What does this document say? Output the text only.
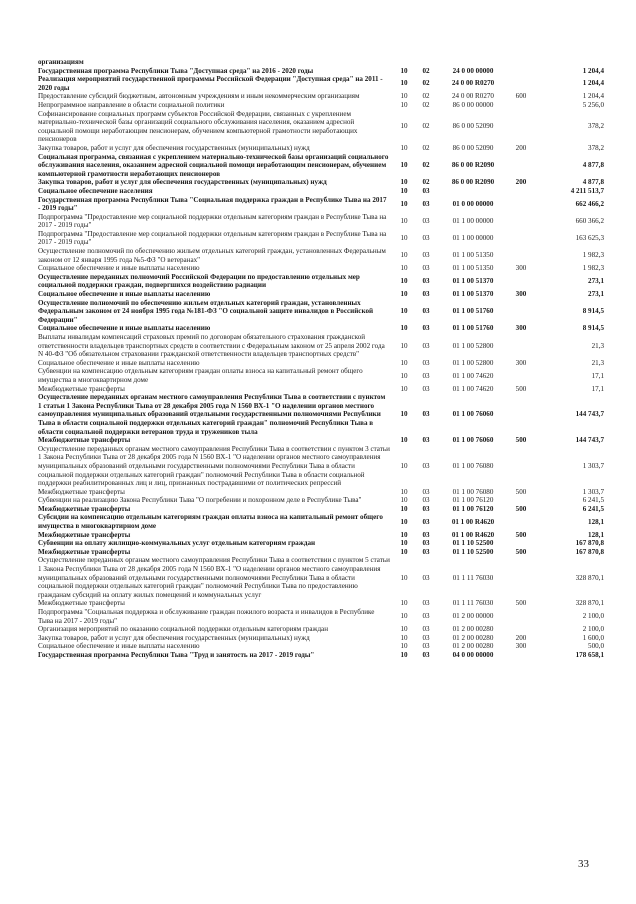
организациям
Государственная программа Республики Тыва "Доступная среда" на 2016 - 2020 годы	10	02	24 0 00 00000	1 204,4
Реализация мероприятий государственной программы Российской Федерации "Доступная среда" на 2011 - 2020 годы
10	02	24 0 00 R0270	1 204,4
Предоставление субсидий бюджетным, автономным учреждениям и иным некоммерческим организациям	10	02	24 0 00 R0270	600	1 204,4
Непрограммное направление в области социальной политики	10	02	86 0 00 00000	5 256,0
Софинансирование социальных программ субъектов Российской Федерации, связанных с укреплением материально-технической базы организаций социального обслуживания населения, оказанием адресной социальной помощи неработающим пенсионерам, обучением компьютерной грамотности неработающих пенсионеров
10	02	86 0 00 52090	378,2
Закупка товаров, работ и услуг для обеспечения государственных (муниципальных) нужд	10	02	86 0 00 52090	200	378,2
Социальная программа, связанная с укреплением материально-технической базы организаций социального обслуживания населения, оказанием адресной социальной помощи неработающим пенсионерам, обучением компьютерной грамотности неработающих пенсионеров
10	02	86 0 00 R2090	4 877,8
Закупка товаров, работ и услуг для обеспечения государственных (муниципальных) нужд	10	02	86 0 00 R2090	200	4 877,8
Социальное обеспечение населения	10	03	4 211 513,7
Государственная программа Республики Тыва "Социальная поддержка граждан в Республике Тыва на 2017 - 2019 годы"
10	03	01 0 00 00000	662 466,2
Подпрограмма "Предоставление мер социальной поддержки отдельным категориям граждан в Республике Тыва на 2017 - 2019 годы"
10	03	01 1 00 00000	660 366,2
Подпрограмма "Предоставление мер социальной поддержки отдельным категориям граждан в Республике Тыва на 2017 - 2019 годы"
10	03	01 1 00 00000	163 625,3
Осуществление полномочий по обеспечению жильем отдельных категорий граждан, установленных Федеральным законом от 12 января 1995 года №5-ФЗ "О ветеранах"
10	03	01 1 00 51350	1 982,3
Социальное обеспечение и иные выплаты населению	10	03	01 1 00 51350	300	1 982,3
Осуществление переданных полномочий Российской Федерации по предоставлению отдельных мер социальной поддержки граждан, подвергшихся воздействию радиации
10	03	01 1 00 51370	273,1
Социальное обеспечение и иные выплаты населению	10	03	01 1 00 51370	300	273,1
Осуществление полномочий по обеспечению жильем отдельных категорий граждан, установленных Федеральным законом от 24 ноября 1995 года №181-ФЗ "О социальной защите инвалидов в Российской Федерации"
10	03	01 1 00 51760	8 914,5
Социальное обеспечение и иные выплаты населению	10	03	01 1 00 51760	300	8 914,5
Выплаты инвалидам компенсаций страховых премий по договорам обязательного страхования гражданской ответственности владельцев транспортных средств в соответствии с Федеральным законом от 25 апреля 2002 года N 40-ФЗ "Об обязательном страховании гражданской ответственности владельцев транспортных средств"
10	03	01 1 00 52800	21,3
Социальное обеспечение и иные выплаты населению	10	03	01 1 00 52800	300	21,3
Субвенции на компенсацию отдельным категориям граждан оплаты взноса на капитальный ремонт общего имущества в многоквартирном доме
10	03	01 1 00 74620	17,1
Межбюджетные трансферты	10	03	01 1 00 74620	500	17,1
Осуществление переданных органам местного самоуправления Республики Тыва в соответствии с пунктом 1 статьи 1 Закона Республики Тыва от 28 декабря 2005 года N 1560 ВХ-1 "О наделении органов местного самоуправления муниципальных образований отдельными государственными полномочиями Республики Тыва в области социальной поддержки отдельных категорий граждан" полномочий Республики Тыва в области социальной поддержки ветеранов труда и тружеников тыла
10	03	01 1 00 76060	144 743,7
Межбюджетные трансферты	10	03	01 1 00 76060	500	144 743,7
Осуществление переданных органам местного самоуправления Республики Тыва в соответствии с пунктом 3 статьи 1 Закона Республики Тыва от 28 декабря 2005 года N 1560 ВХ-1 "О наделении органов местного самоуправления муниципальных образований отдельными государственными полномочиями Республики Тыва в области социальной поддержки отдельных категорий граждан" полномочий Республики Тыва в области социальной поддержки реабилитированных лиц и лиц, признанных пострадавшими от политических репрессий
10	03	01 1 00 76080	1 303,7
Межбюджетные трансферты	10	03	01 1 00 76080	500	1 303,7
Субвенции на реализацию Закона Республики Тыва "О погребении и похоронном деле в Республике Тыва"	10	03	01 1 00 76120	6 241,5
Межбюджетные трансферты	10	03	01 1 00 76120	500	6 241,5
Субсидии на компенсацию отдельным категориям граждан оплаты взноса на капитальный ремонт общего имущества в многоквартирном доме
10	03	01 1 00 R4620	128,1
Межбюджетные трансферты	10	03	01 1 00 R4620	500	128,1
Субвенции на оплату жилищно-коммунальных услуг отдельным категориям граждан	10	03	01 1 10 52500	167 870,8
Межбюджетные трансферты	10	03	01 1 10 52500	500	167 870,8
Осуществление переданных органам местного самоуправления Республики Тыва в соответствии с пунктом 5 статьи 1 Закона Республики Тыва от 28 декабря 2005 года N 1560 ВХ-1 "О наделении органов местного самоуправления муниципальных образований отдельными государственными полномочиями Республики Тыва в области социальной поддержки отдельных категорий граждан" полномочий Республики Тыва по предоставлению гражданам субсидий на оплату жилых помещений и коммунальных услуг
10	03	01 1 11 76030	328 870,1
Межбюджетные трансферты	10	03	01 1 11 76030	500	328 870,1
Подпрограмма "Социальная поддержка и обслуживание граждан пожилого возраста и инвалидов в Республике Тыва на 2017 - 2019 годы"
10	03	01 2 00 00000	2 100,0
Организация мероприятий по оказанию социальной поддержки отдельным категориям граждан	10	03	01 2 00 00280	2 100,0
Закупка товаров, работ и услуг для обеспечения государственных (муниципальных) нужд	10	03	01 2 00 00280	200	1 600,0
Социальное обеспечение и иные выплаты населению	10	03	01 2 00 00280	300	500,0
Государственная программа Республики Тыва "Труд и занятость на 2017 - 2019 годы"	10	03	04 0 00 00000	178 658,1
33
